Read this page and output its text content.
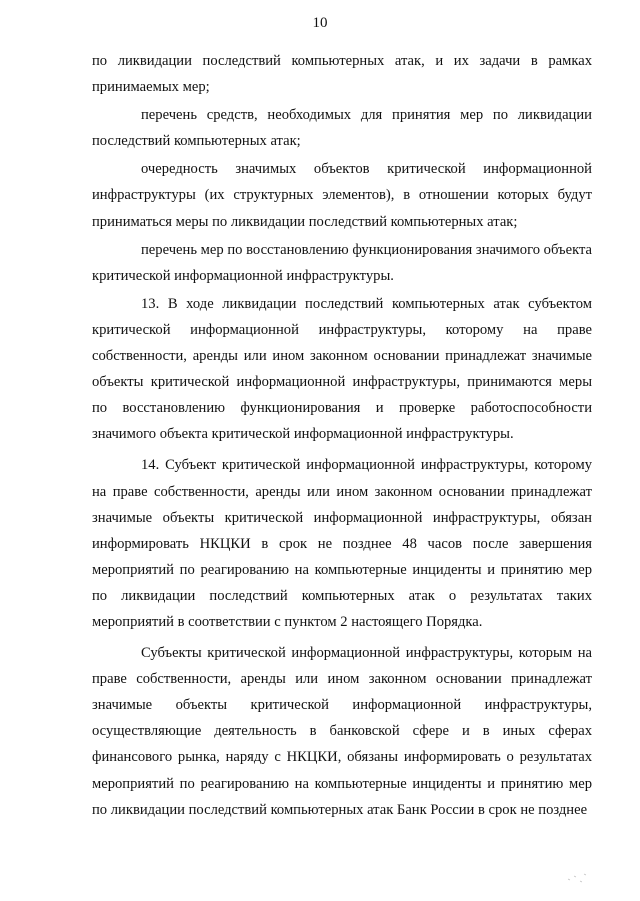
10

по ликвидации последствий компьютерных атак, и их задачи в рамках принимаемых мер;

перечень средств, необходимых для принятия мер по ликвидации последствий компьютерных атак;

очередность значимых объектов критической информационной инфраструктуры (их структурных элементов), в отношении которых будут приниматься меры по ликвидации последствий компьютерных атак;

перечень мер по восстановлению функционирования значимого объекта критической информационной инфраструктуры.

13. В ходе ликвидации последствий компьютерных атак субъектом критической информационной инфраструктуры, которому на праве собственности, аренды или ином законном основании принадлежат значимые объекты критической информационной инфраструктуры, принимаются меры по восстановлению функционирования и проверке работоспособности значимого объекта критической информационной инфраструктуры.

14. Субъект критической информационной инфраструктуры, которому на праве собственности, аренды или ином законном основании принадлежат значимые объекты критической информационной инфраструктуры, обязан информировать НКЦКИ в срок не позднее 48 часов после завершения мероприятий по реагированию на компьютерные инциденты и принятию мер по ликвидации последствий компьютерных атак о результатах таких мероприятий в соответствии с пунктом 2 настоящего Порядка.

Субъекты критической информационной инфраструктуры, которым на праве собственности, аренды или ином законном основании принадлежат значимые объекты критической информационной инфраструктуры, осуществляющие деятельность в банковской сфере и в иных сферах финансового рынка, наряду с НКЦКИ, обязаны информировать о результатах мероприятий по реагированию на компьютерные инциденты и принятию мер по ликвидации последствий компьютерных атак Банк России в срок не позднее
